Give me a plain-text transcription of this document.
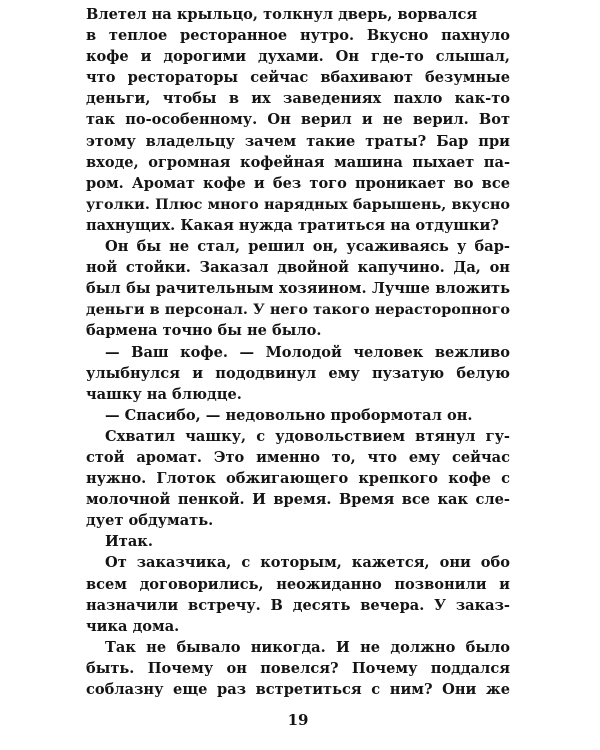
Влетел на крыльцо, толкнул дверь, ворвался
в теплое ресторанное нутро. Вкусно пахнуло
кофе и дорогими духами. Он где-то слышал,
что рестораторы сейчас вбахивают безумные
деньги, чтобы в их заведениях пахло как-то
так по-особенному. Он верил и не верил. Вот
этому владельцу зачем такие траты? Бар при
входе, огромная кофейная машина пыхает па-
ром. Аромат кофе и без того проникает во все
уголки. Плюс много нарядных барышень, вкусно
пахнущих. Какая нужда тратиться на отдушки?
Он бы не стал, решил он, усаживаясь у бар-
ной стойки. Заказал двойной капучино. Да, он
был бы рачительным хозяином. Лучше вложить
деньги в персонал. У него такого нерасторопного
бармена точно бы не было.
— Ваш кофе. — Молодой человек вежливо
улыбнулся и пододвинул ему пузатую белую
чашку на блюдце.
— Спасибо, — недовольно пробормотал он.
Схватил чашку, с удовольствием втянул гу-
стой аромат. Это именно то, что ему сейчас
нужно. Глоток обжигающего крепкого кофе с
молочной пенкой. И время. Время все как сле-
дует обдумать.
Итак.
От заказчика, с которым, кажется, они обо
всем договорились, неожиданно позвонили и
назначили встречу. В десять вечера. У заказ-
чика дома.
Так не бывало никогда. И не должно было
быть. Почему он повелся? Почему поддался
соблазну еще раз встретиться с ним? Они же
19
